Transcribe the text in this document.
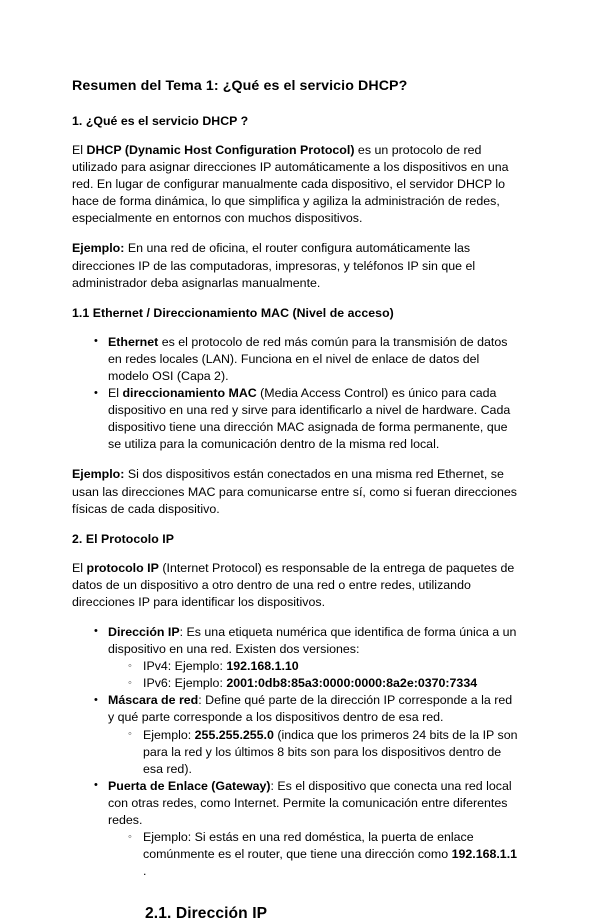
Resumen del Tema 1: ¿Qué es el servicio DHCP?
1. ¿Qué es el servicio DHCP ?

El DHCP (Dynamic Host Configuration Protocol) es un protocolo de red utilizado para asignar direcciones IP automáticamente a los dispositivos en una red. En lugar de configurar manualmente cada dispositivo, el servidor DHCP lo hace de forma dinámica, lo que simplifica y agiliza la administración de redes, especialmente en entornos con muchos dispositivos.

Ejemplo: En una red de oficina, el router configura automáticamente las direcciones IP de las computadoras, impresoras, y teléfonos IP sin que el administrador deba asignarlas manualmente.

1.1 Ethernet / Direccionamiento MAC (Nivel de acceso)
• Ethernet es el protocolo de red más común para la transmisión de datos en redes locales (LAN). Funciona en el nivel de enlace de datos del modelo OSI (Capa 2).
• El direccionamiento MAC (Media Access Control) es único para cada dispositivo en una red y sirve para identificarlo a nivel de hardware. Cada dispositivo tiene una dirección MAC asignada de forma permanente, que se utiliza para la comunicación dentro de la misma red local.

Ejemplo: Si dos dispositivos están conectados en una misma red Ethernet, se usan las direcciones MAC para comunicarse entre sí, como si fueran direcciones físicas de cada dispositivo.

2. El Protocolo IP

El protocolo IP (Internet Protocol) es responsable de la entrega de paquetes de datos de un dispositivo a otro dentro de una red o entre redes, utilizando direcciones IP para identificar los dispositivos.

• Dirección IP: Es una etiqueta numérica que identifica de forma única a un dispositivo en una red. Existen dos versiones:
◦ IPv4: Ejemplo: 192.168.1.10
◦ IPv6: Ejemplo: 2001:0db8:85a3:0000:0000:8a2e:0370:7334
• Máscara de red: Define qué parte de la dirección IP corresponde a la red y qué parte corresponde a los dispositivos dentro de esa red.
◦ Ejemplo: 255.255.255.0 (indica que los primeros 24 bits de la IP son para la red y los últimos 8 bits son para los dispositivos dentro de esa red).
• Puerta de Enlace (Gateway): Es el dispositivo que conecta una red local con otras redes, como Internet. Permite la comunicación entre diferentes redes.
◦ Ejemplo: Si estás en una red doméstica, la puerta de enlace comúnmente es el router, que tiene una dirección como 192.168.1.1 .
2.1. Dirección IP
